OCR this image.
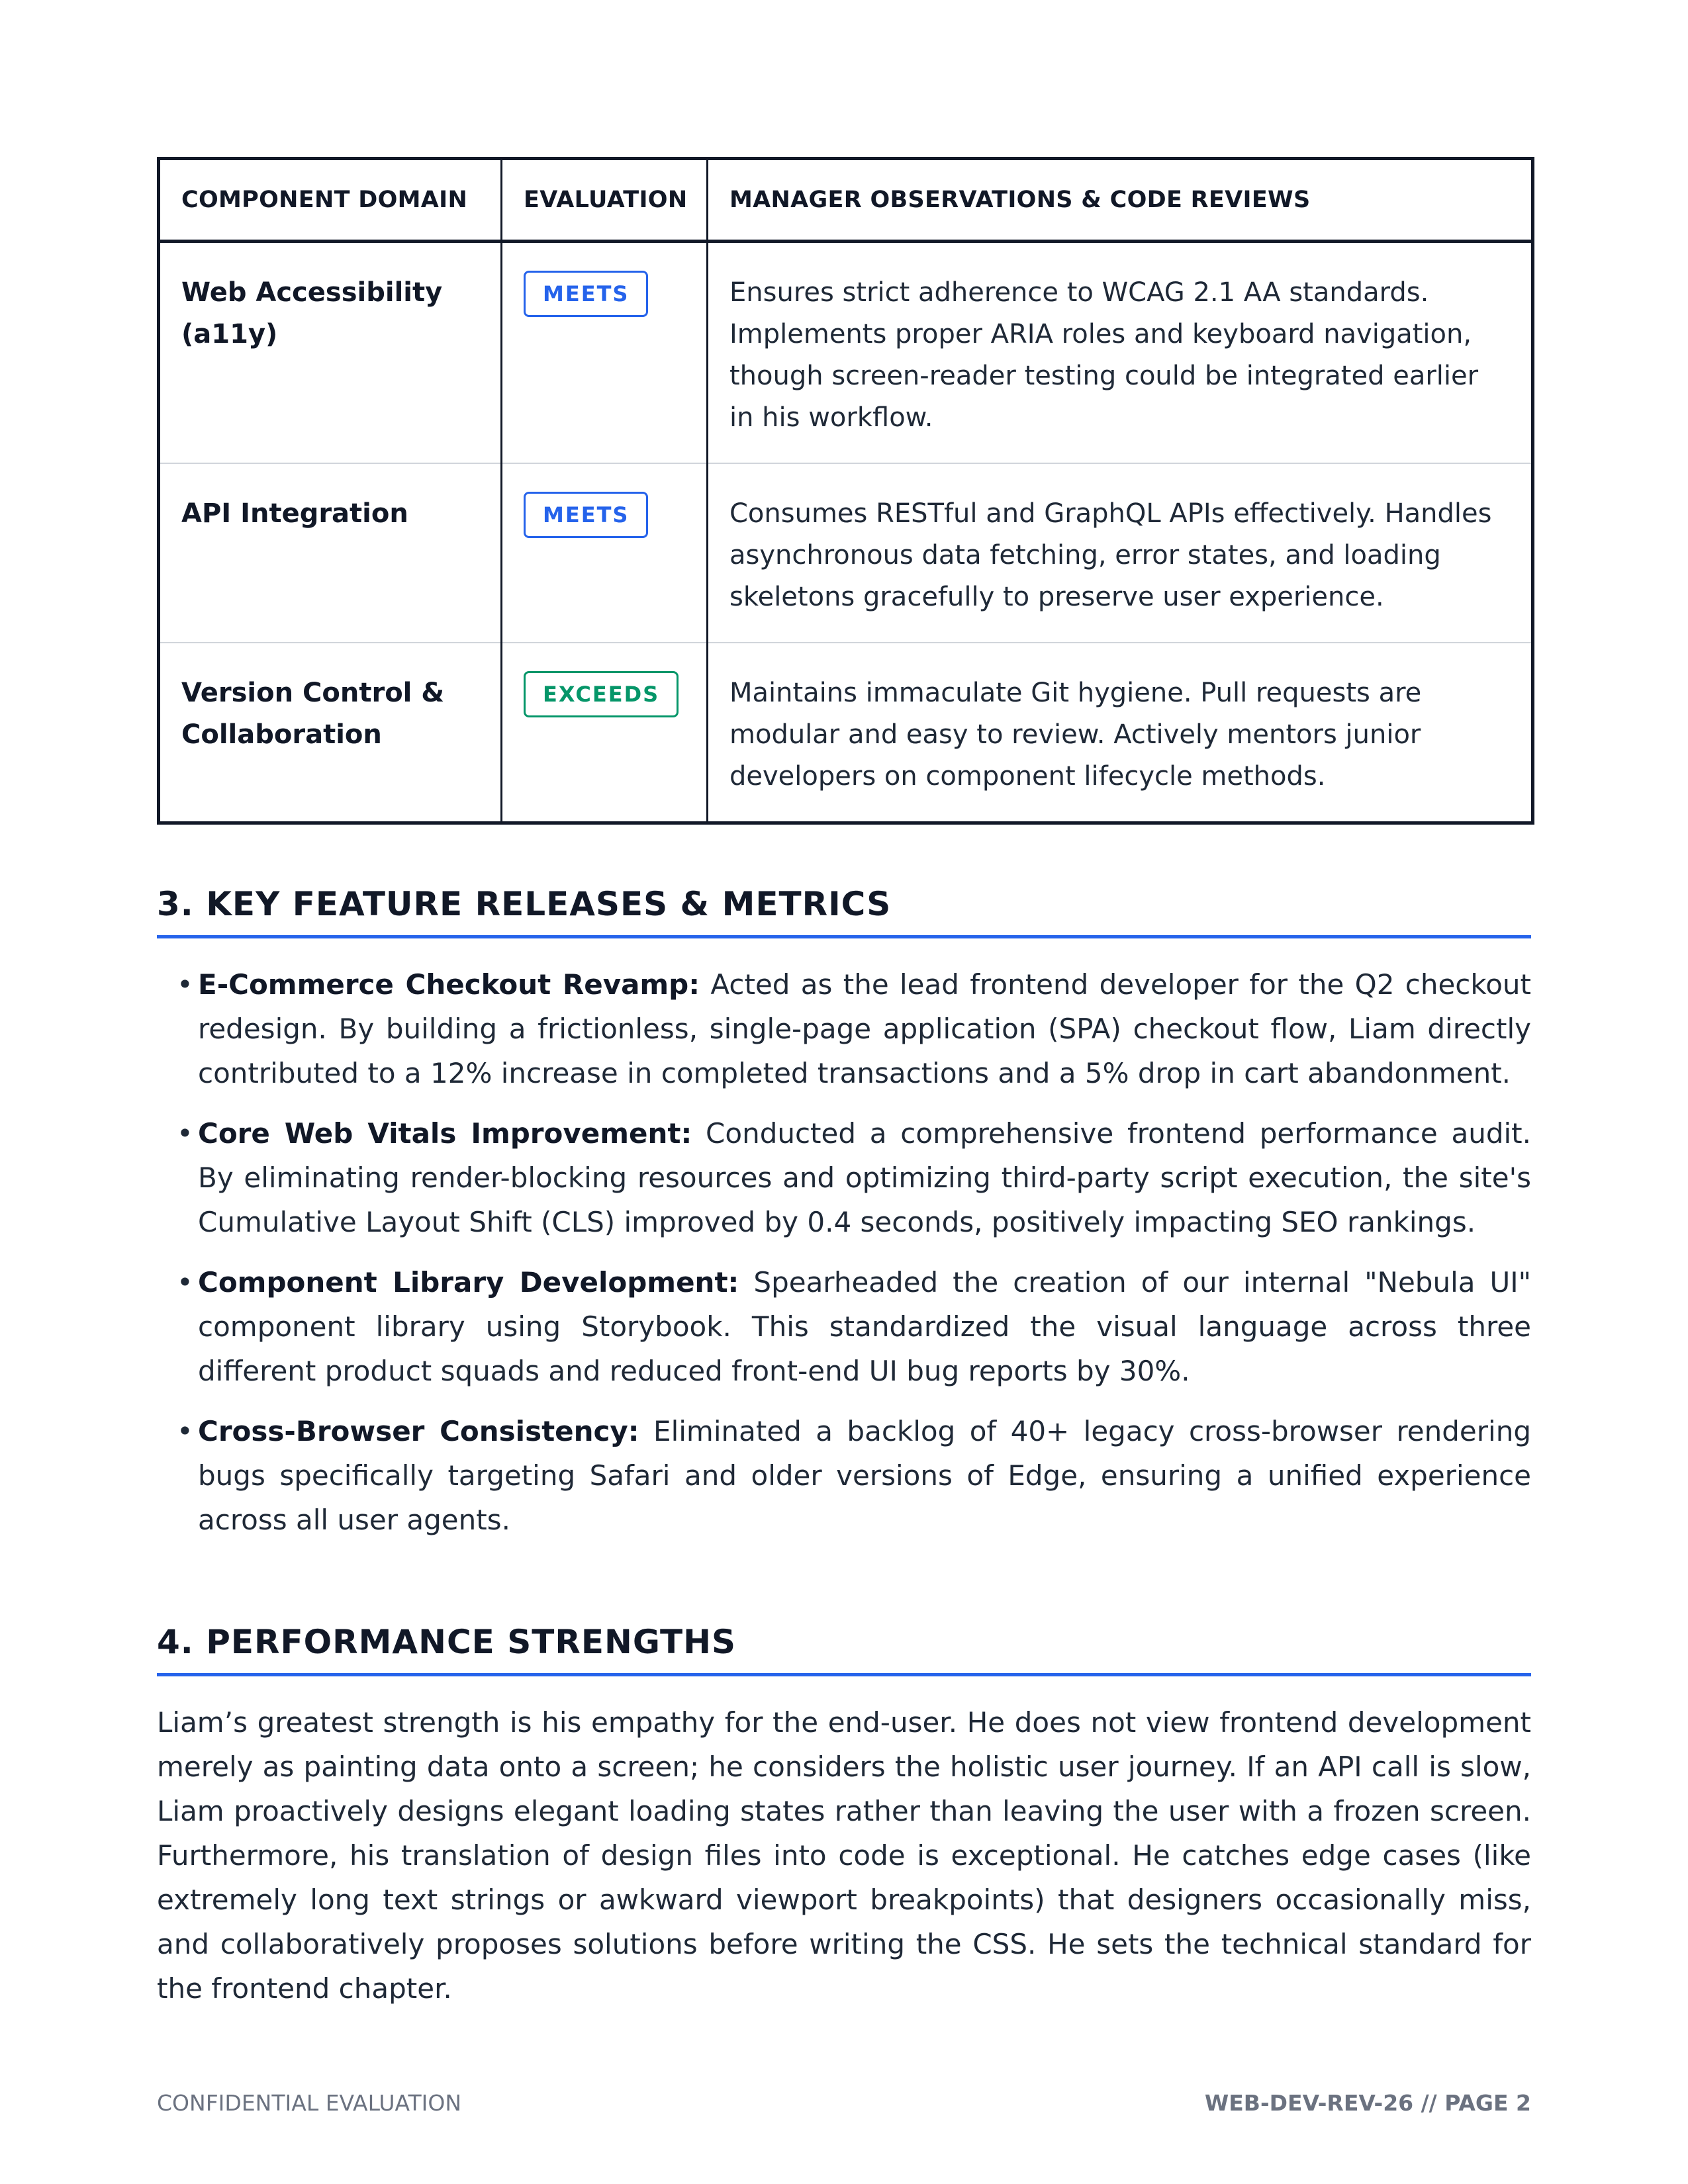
COMPONENT DOMAIN	EVALUATION	MANAGER OBSERVATIONS & CODE REVIEWS
Web Accessibility (a11y)	MEETS	Ensures strict adherence to WCAG 2.1 AA standards. Implements proper ARIA roles and keyboard navigation, though screen-reader testing could be integrated earlier in his workflow.
API Integration	MEETS	Consumes RESTful and GraphQL APIs effectively. Handles asynchronous data fetching, error states, and loading skeletons gracefully to preserve user experience.
Version Control & Collaboration	EXCEEDS	Maintains immaculate Git hygiene. Pull requests are modular and easy to review. Actively mentors junior developers on component lifecycle methods.
3. KEY FEATURE RELEASES & METRICS
• E-Commerce Checkout Revamp: Acted as the lead frontend developer for the Q2 checkout redesign. By building a frictionless, single-page application (SPA) checkout flow, Liam directly contributed to a 12% increase in completed transactions and a 5% drop in cart abandonment.
• Core Web Vitals Improvement: Conducted a comprehensive frontend performance audit. By eliminating render-blocking resources and optimizing third-party script execution, the site's Cumulative Layout Shift (CLS) improved by 0.4 seconds, positively impacting SEO rankings.
• Component Library Development: Spearheaded the creation of our internal "Nebula UI" component library using Storybook. This standardized the visual language across three different product squads and reduced front-end UI bug reports by 30%.
• Cross-Browser Consistency: Eliminated a backlog of 40+ legacy cross-browser rendering bugs specifically targeting Safari and older versions of Edge, ensuring a unified experience across all user agents.
4. PERFORMANCE STRENGTHS

Liam’s greatest strength is his empathy for the end-user. He does not view frontend development merely as painting data onto a screen; he considers the holistic user journey. If an API call is slow, Liam proactively designs elegant loading states rather than leaving the user with a frozen screen. Furthermore, his translation of design files into code is exceptional. He catches edge cases (like extremely long text strings or awkward viewport breakpoints) that designers occasionally miss, and collaboratively proposes solutions before writing the CSS. He sets the technical standard for the frontend chapter.

CONFIDENTIAL EVALUATION	WEB-DEV-REV-26 // PAGE 2
